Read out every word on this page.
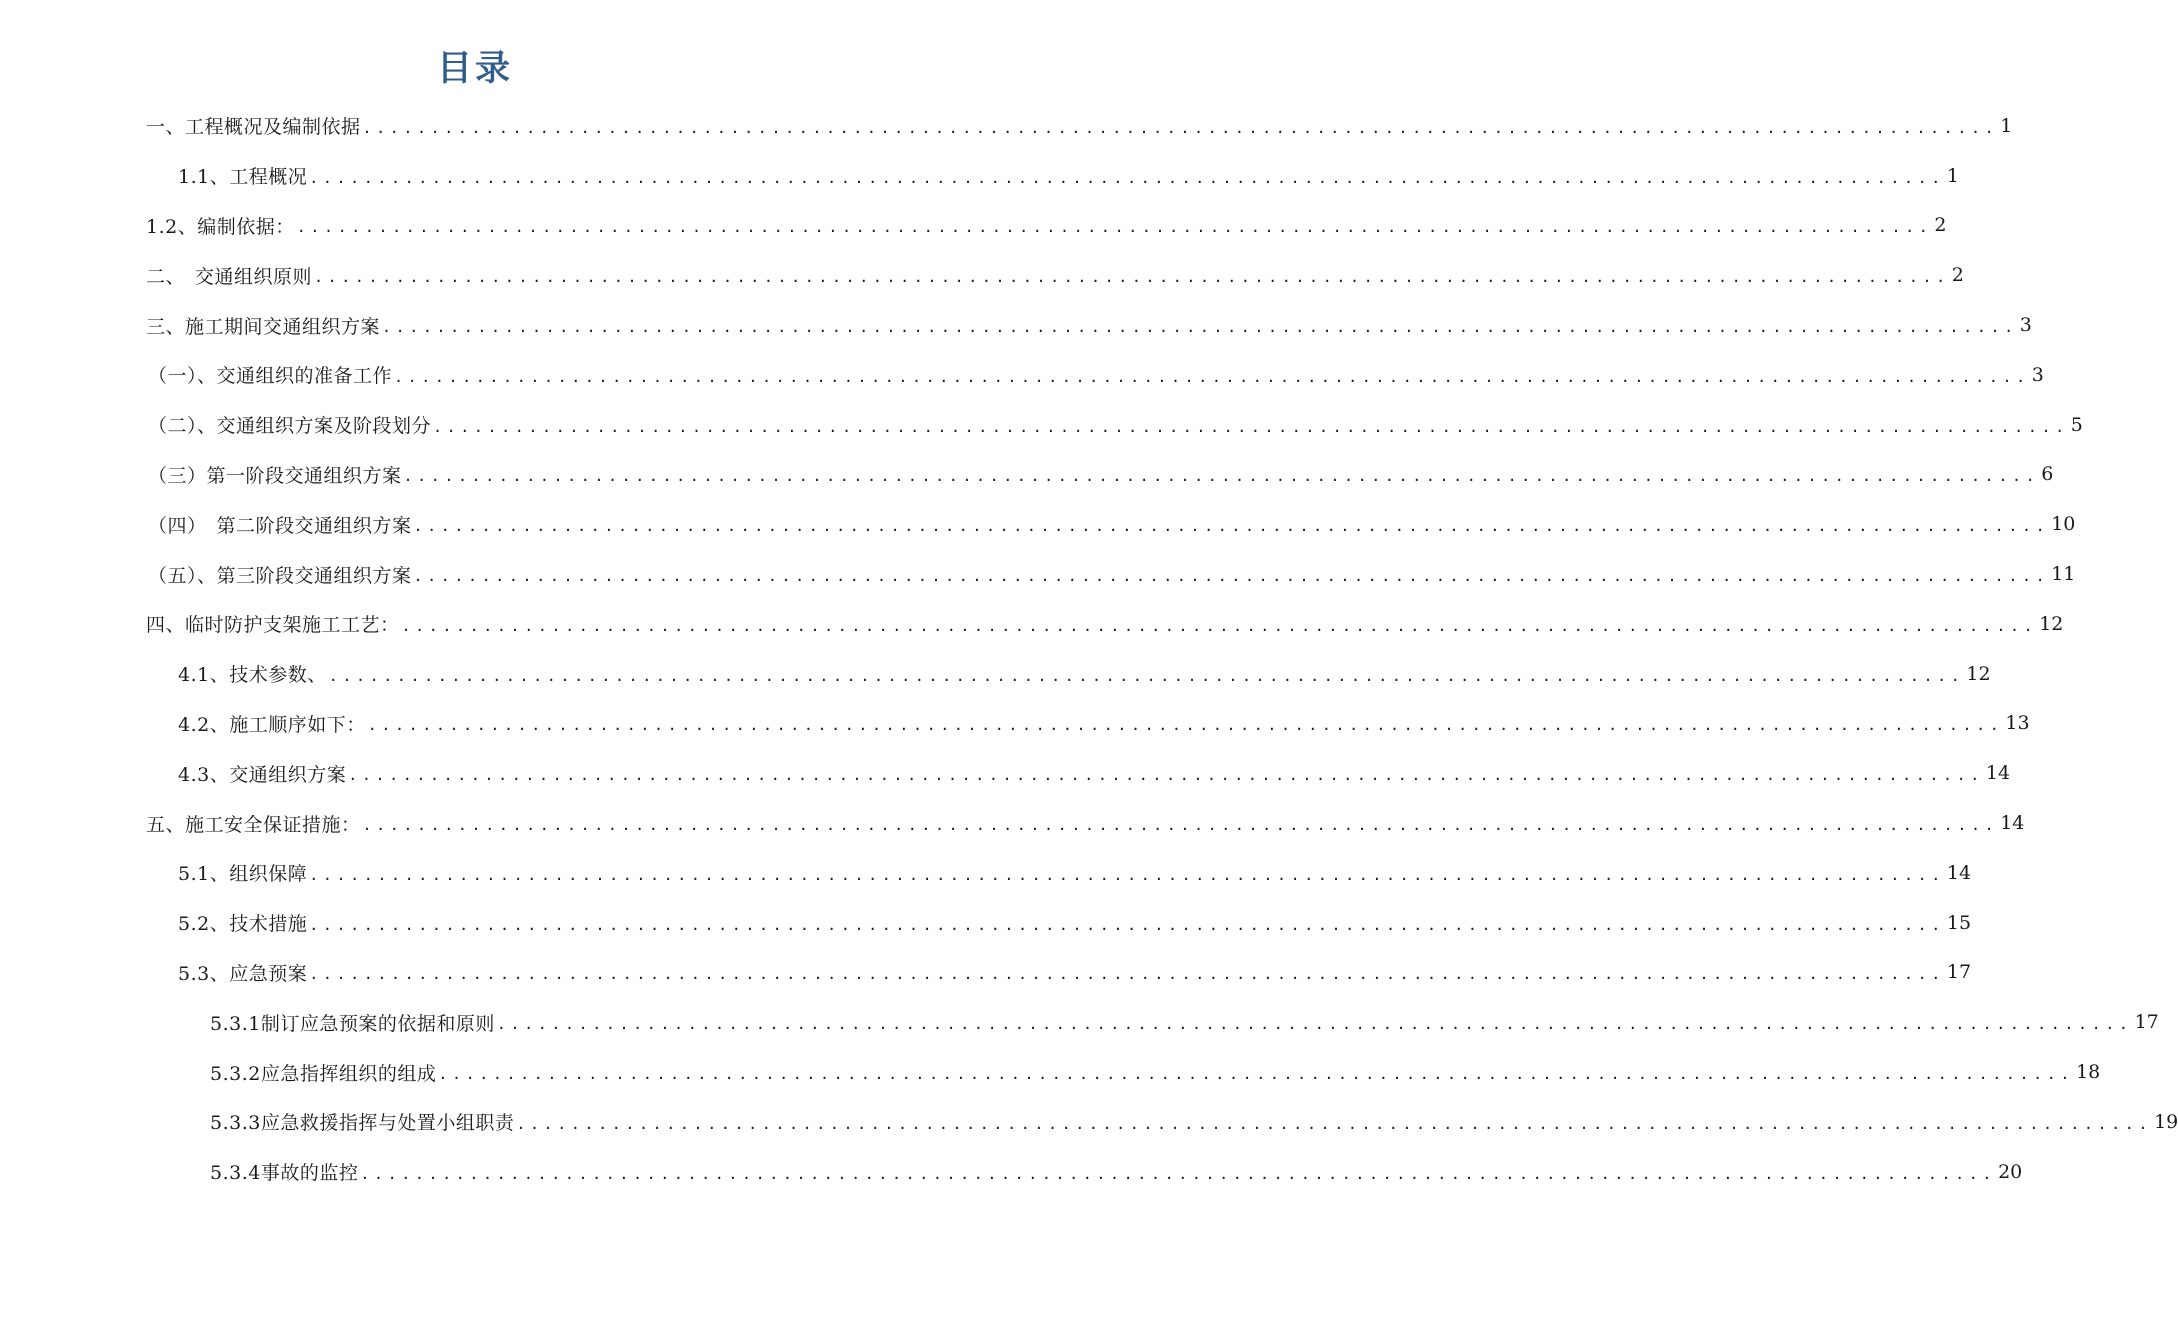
目录
一、工程概况及编制依据 ........................................................................................................................ 1
1.1、工程概况 ........................................................................................................................ 1
1.2、编制依据： ........................................................................................................................ 2
二、　交通组织原则 ........................................................................................................................ 2
三、施工期间交通组织方案 ........................................................................................................................ 3
（一）、交通组织的准备工作 ........................................................................................................................ 3
（二）、交通组织方案及阶段划分 ........................................................................................................................ 5
（三）第一阶段交通组织方案 ........................................................................................................................ 6
（四）　第二阶段交通组织方案 ........................................................................................................................ 10
（五）、第三阶段交通组织方案 ........................................................................................................................ 11
四、临时防护支架施工工艺： ........................................................................................................................ 12
4.1、技术参数、 ........................................................................................................................ 12
4.2、施工顺序如下： ........................................................................................................................ 13
4.3、交通组织方案 ........................................................................................................................ 14
五、施工安全保证措施： ........................................................................................................................ 14
5.1、组织保障 ........................................................................................................................ 14
5.2、技术措施 ........................................................................................................................ 15
5.3、应急预案 ........................................................................................................................ 17
5.3.1制订应急预案的依据和原则 ........................................................................................................................ 17
5.3.2应急指挥组织的组成 ........................................................................................................................ 18
5.3.3应急救援指挥与处置小组职责 ........................................................................................................................ 19
5.3.4事故的监控 ........................................................................................................................ 20
